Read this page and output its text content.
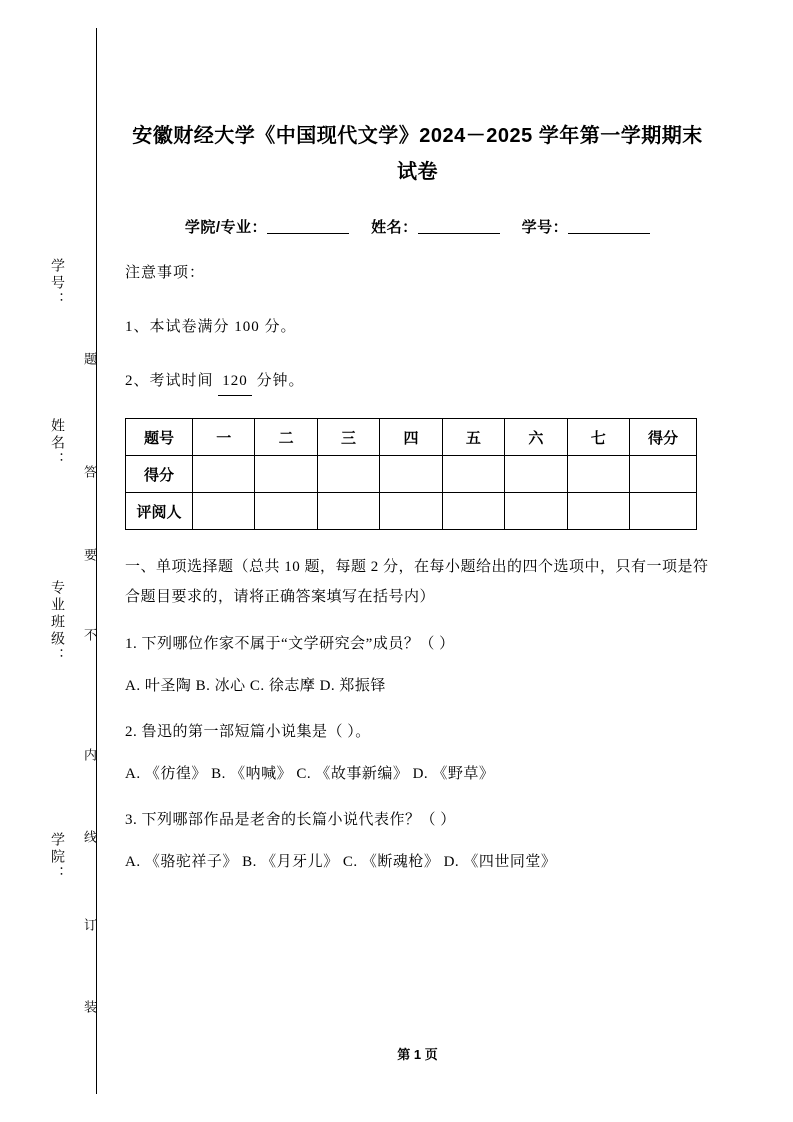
学号：
姓名：
专业班级：
学院：
题
答
要
不
内
线
订
装
安徽财经大学《中国现代文学》2024－2025 学年第一学期期末试卷
学院/专业：	姓名：	学号：
注意事项：
1、本试卷满分 100 分。
2、考试时间 120 分钟。
题号	一	二	三	四	五	六	七	得分
得分								
评阅人								
一、单项选择题（总共 10 题，每题 2 分，在每小题给出的四个选项中，只有一项是符合题目要求的，请将正确答案填写在括号内）
1. 下列哪位作家不属于“文学研究会”成员？（ ）
A. 叶圣陶 B. 冰心 C. 徐志摩 D. 郑振铎
2. 鲁迅的第一部短篇小说集是（ ）。
A. 《彷徨》 B. 《呐喊》 C. 《故事新编》 D. 《野草》
3. 下列哪部作品是老舍的长篇小说代表作？（ ）
A. 《骆驼祥子》 B. 《月牙儿》 C. 《断魂枪》 D. 《四世同堂》
第 1 页
